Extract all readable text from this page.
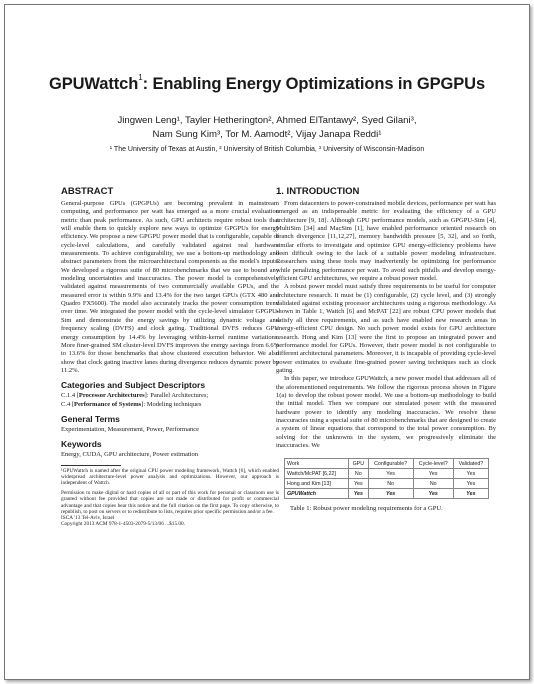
GPUWattch$^1$: Enabling Energy Optimizations in GPGPUs
Jingwen Leng¹, Tayler Hetherington², Ahmed ElTantawy², Syed Gilani³,
Nam Sung Kim³, Tor M. Aamodt², Vijay Janapa Reddi¹
¹ The University of Texas at Austin, ² University of British Columbia, ³ University of Wisconsin-Madison
ABSTRACT

General-purpose GPUs (GPGPUs) are becoming prevalent in mainstream computing, and performance per watt has emerged as a more crucial evaluation metric than peak performance. As such, GPU architects require robust tools that will enable them to quickly explore new ways to optimize GPGPUs for energy efficiency. We propose a new GPGPU power model that is configurable, capable of cycle-level calculations, and carefully validated against real hardware measurements. To achieve configurability, we use a bottom-up methodology and abstract parameters from the microarchitectural components as the model's inputs. We developed a rigorous suite of 80 microbenchmarks that we use to bound any modeling uncertainties and inaccuracies. The power model is comprehensively validated against measurements of two commercially available GPUs, and the measured error is within 9.9% and 13.4% for the two target GPUs (GTX 480 and Quadro FX5600). The model also accurately tracks the power consumption trend over time. We integrated the power model with the cycle-level simulator GPGPU-Sim and demonstrate the energy savings by utilizing dynamic voltage and frequency scaling (DVFS) and clock gating. Traditional DVFS reduces GPU energy consumption by 14.4% by leveraging within-kernel runtime variations. More finer-grained SM cluster-level DVFS improves the energy savings from 6.6% to 13.6% for those benchmarks that show clustered execution behavior. We also show that clock gating inactive lanes during divergence reduces dynamic power by 11.2%.

Categories and Subject Descriptors

C.1.4 [Processor Architectures]: Parallel Architectures;
C.4 [Performance of Systems]: Modeling techniques

General Terms

Experimentation, Measurement, Power, Performance

Keywords

Energy, CUDA, GPU architecture, Power estimation

¹GPUWattch is named after the original CPU power modeling framework, Wattch [6], which enabled widespread architecture-level power analysis and optimizations. However, our approach is independent of Wattch.

Permission to make digital or hard copies of all or part of this work for personal or classroom use is granted without fee provided that copies are not made or distributed for profit or commercial advantage and that copies bear this notice and the full citation on the first page. To copy otherwise, to republish, to post on servers or to redistribute to lists, requires prior specific permission and/or a fee.

ISCA '13 Tel-Aviv, Israel

Copyright 2013 ACM 978-1-4503-2079-5/13/06 ...$15.00.

1. INTRODUCTION

From datacenters to power-constrained mobile devices, performance per watt has emerged as an indispensable metric for evaluating the efficiency of a GPU architecture [9, 18]. Although GPU performance models, such as GPGPU-Sim [4], MultiSim [34] and MacSim [1], have enabled performance oriented research on branch divergence [11,12,27], memory bandwidth pressure [5, 32], and so forth, similar efforts to investigate and optimize GPU energy-efficiency problems have been difficult owing to the lack of a suitable power modeling infrastructure. Researchers using these tools may inadvertently be optimizing for performance while penalizing performance per watt. To avoid such pitfalls and develop energy-efficient GPU architectures, we require a robust power model.

A robust power model must satisfy three requirements to be useful for computer architecture research. It must be (1) configurable, (2) cycle level, and (3) strongly validated against existing processor architectures using a rigorous methodology. As shown in Table 1, Wattch [6] and McPAT [22] are robust CPU power models that satisfy all three requirements, and as such have enabled new research areas in energy-efficient CPU design. No such power model exists for GPU architecture research. Hong and Kim [13] were the first to propose an integrated power and performance model for GPUs. However, their power model is not configurable to different architectural parameters. Moreover, it is incapable of providing cycle-level power estimates to evaluate fine-grained power saving techniques such as clock gating.

In this paper, we introduce GPUWattch, a new power model that addresses all of the aforementioned requirements. We follow the rigorous process shown in Figure 1(a) to develop the robust power model. We use a bottom-up methodology to build the initial model. Then we compare our simulated power with the measured hardware power to identify any modeling inaccuracies. We resolve these inaccuracies using a special suite of 80 microbenchmarks that are designed to create a system of linear equations that correspond to the total power consumption. By solving for the unknowns in the system, we progressively eliminate the inaccuracies. We

Work	GPU	Configurable?	Cycle-level?	Validated?
Wattch/McPAT [6,22]	No	Yes	Yes	Yes
Hong and Kim [13]	Yes	No	No	Yes
GPUWattch	Yes	Yes	Yes	Yes
Table 1: Robust power modeling requirements for a GPU.
